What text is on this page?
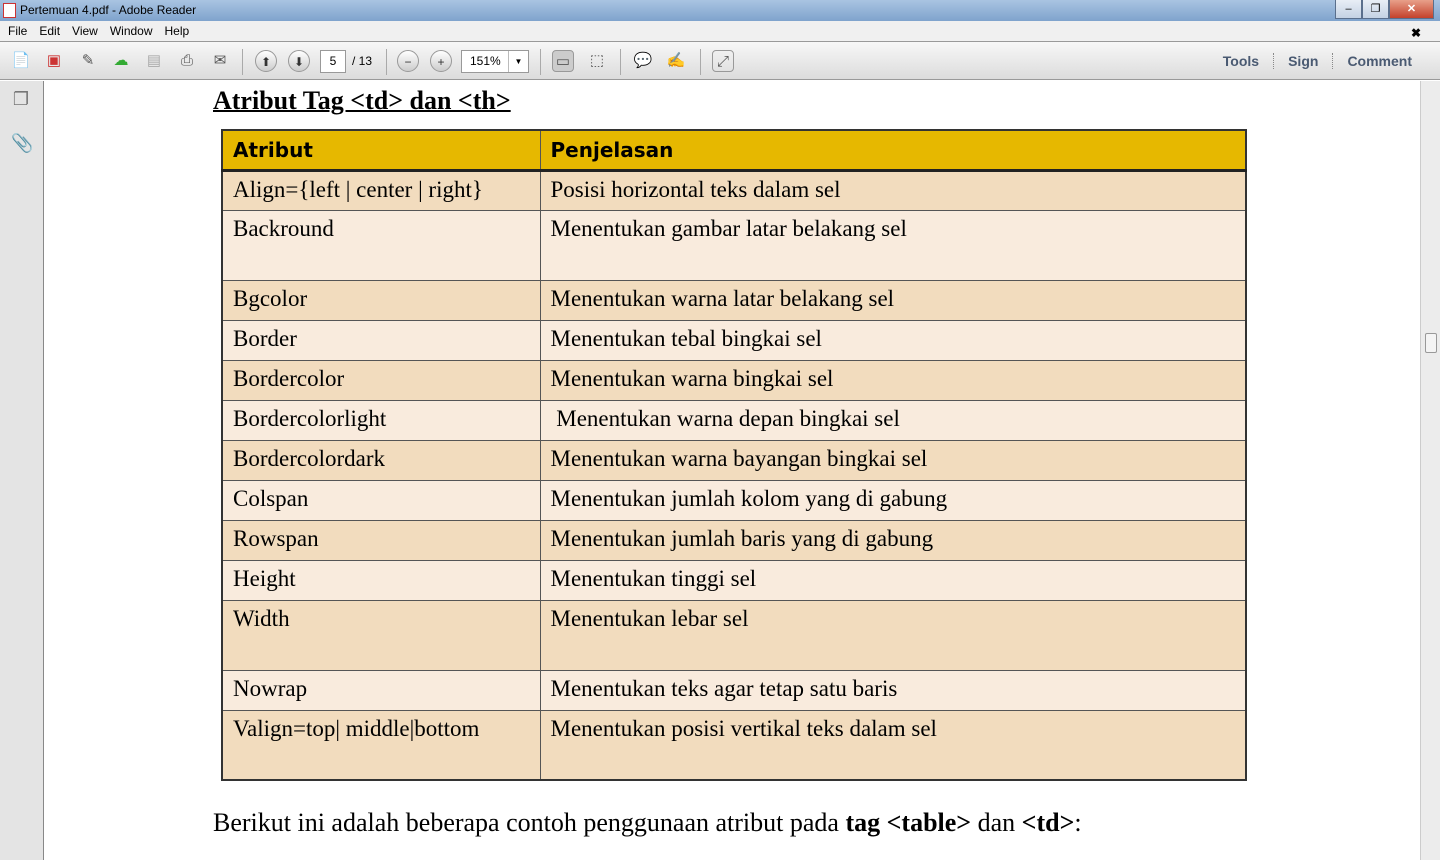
Pertemuan 4.pdf - Adobe Reader	–	❐	✕
File	Edit	View	Window	Help	✖
📄 ▣	✎	☁ ▤	⎙	✉	⬆	⬇	5	/ 13	−	+	151%	▼	▭ ⬚ 💬 ✍	⤢	Tools	Sign	Comment
❐
📎
Atribut Tag <td> dan <th>
Atribut	Penjelasan
Align={left | center | right}	Posisi horizontal teks dalam sel
Backround	Menentukan gambar latar belakang sel
Bgcolor	Menentukan warna latar belakang sel
Border	Menentukan tebal bingkai sel
Bordercolor	Menentukan warna bingkai sel
Bordercolorlight	Menentukan warna depan bingkai sel
Bordercolordark	Menentukan warna bayangan bingkai sel
Colspan	Menentukan jumlah kolom yang di gabung
Rowspan	Menentukan jumlah baris yang di gabung
Height	Menentukan tinggi sel
Width	Menentukan lebar sel
Nowrap	Menentukan teks agar tetap satu baris
Valign=top| middle|bottom	Menentukan posisi vertikal teks dalam sel
Berikut ini adalah beberapa contoh penggunaan atribut pada tag <table> dan <td>:
